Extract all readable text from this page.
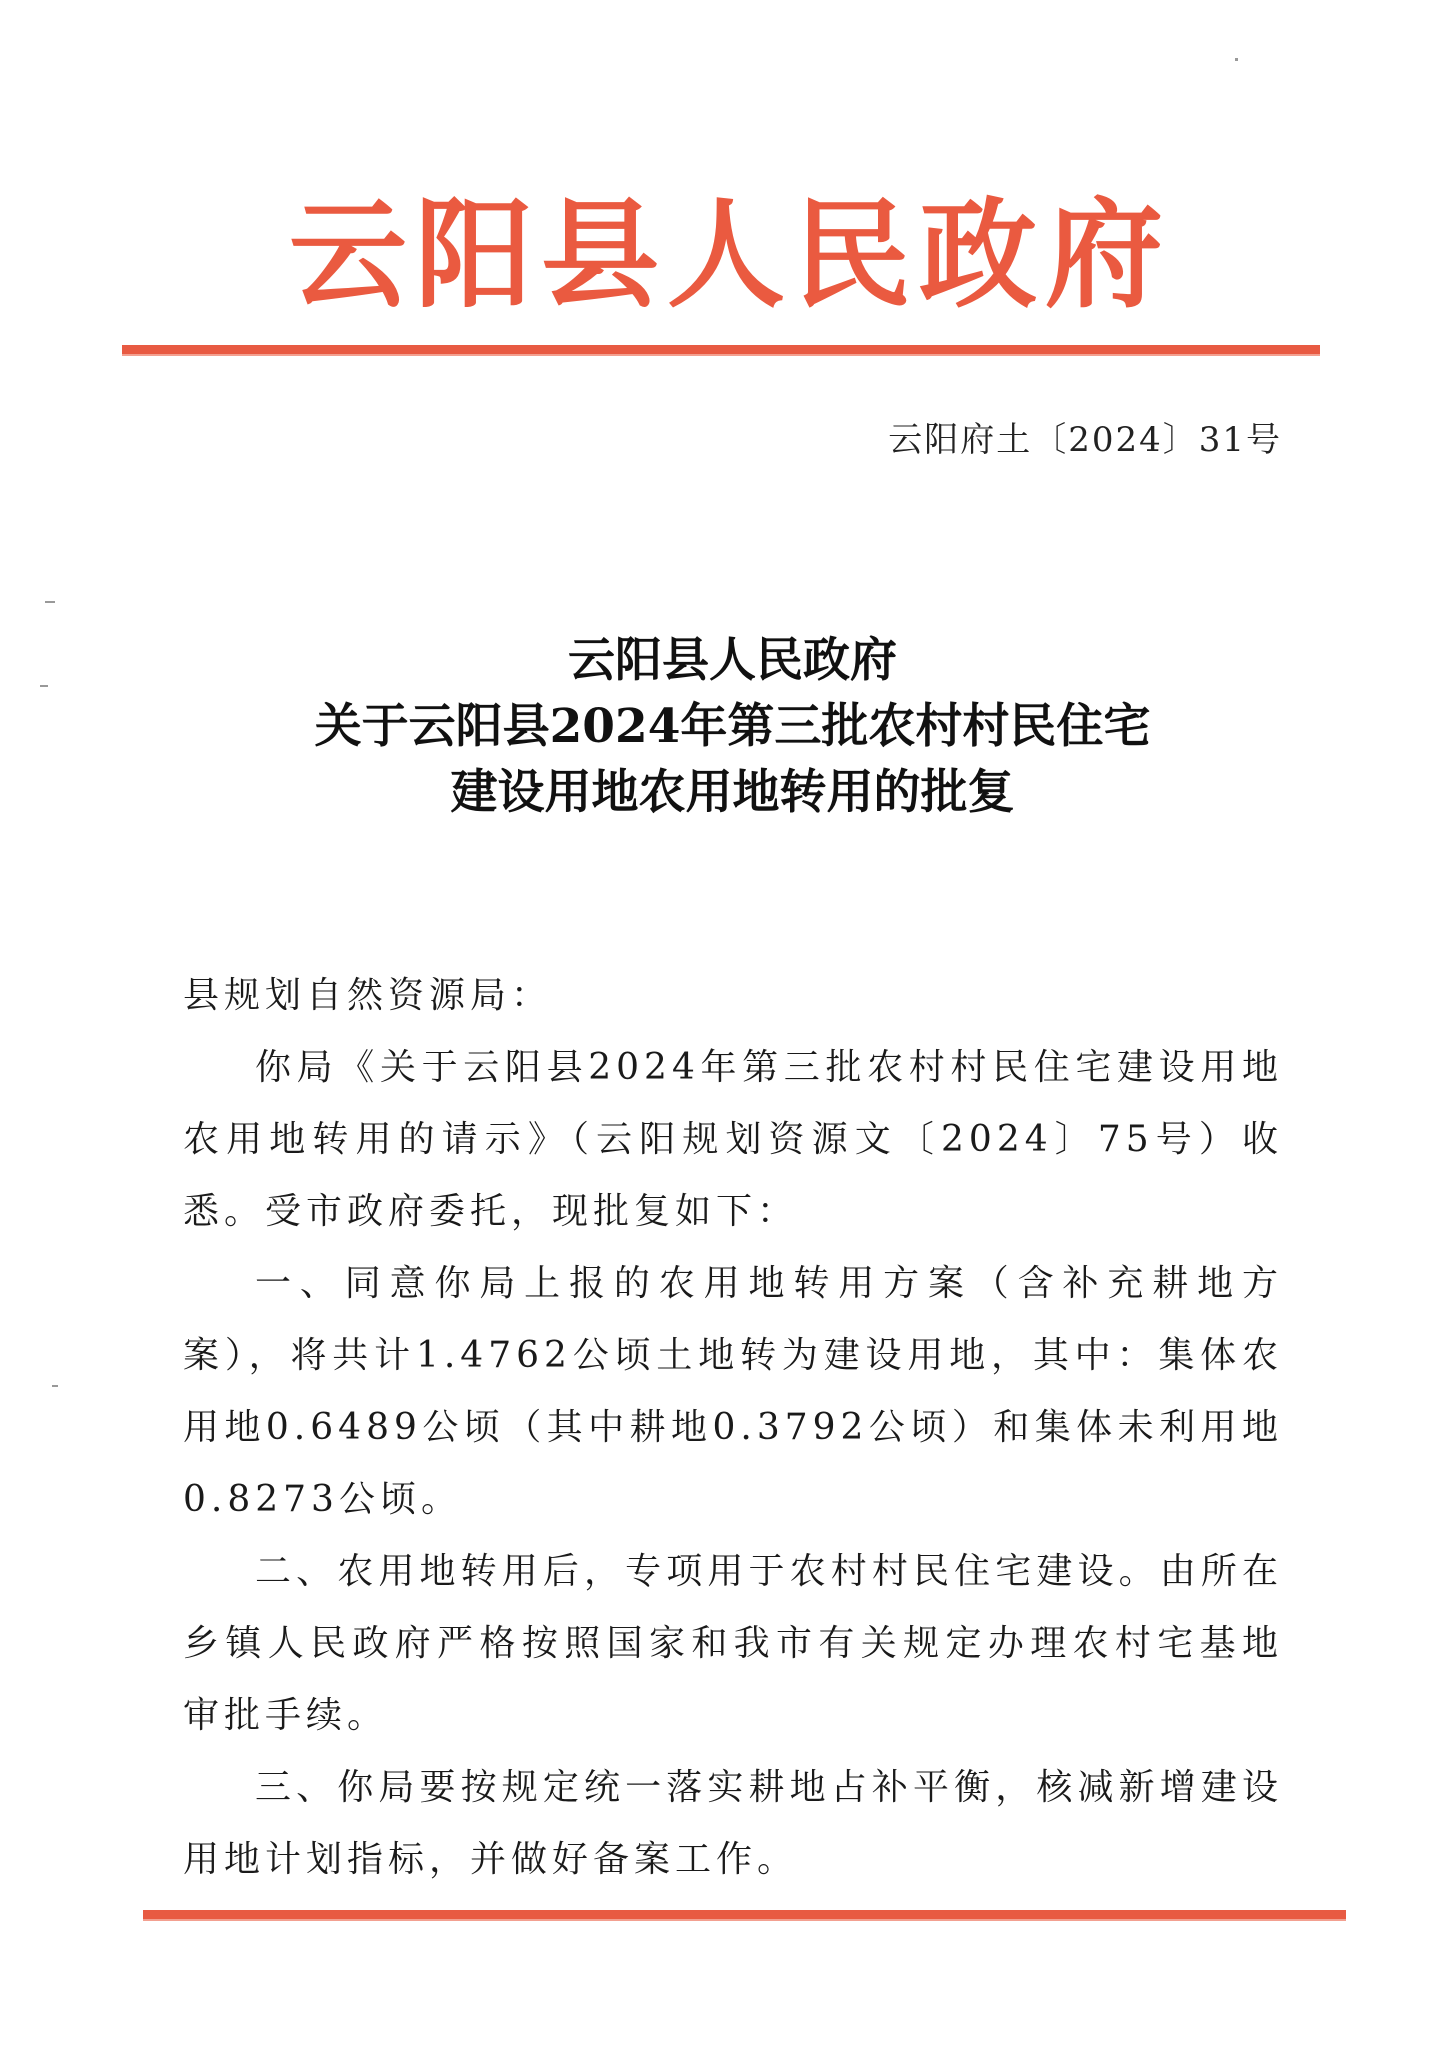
云阳县人民政府
云阳府土〔2024〕31号
云阳县人民政府
关于云阳县2024年第三批农村村民住宅
建设用地农用地转用的批复

县规划自然资源局：

你局《关于云阳县2024年第三批农村村民住宅建设用地农用地转用的请示》（云阳规划资源文〔2024〕75号）收悉。受市政府委托，现批复如下：

一、同意你局上报的农用地转用方案（含补充耕地方案），将共计1.4762公顷土地转为建设用地，其中：集体农用地0.6489公顷（其中耕地0.3792公顷）和集体未利用地0.8273公顷。

二、农用地转用后，专项用于农村村民住宅建设。由所在乡镇人民政府严格按照国家和我市有关规定办理农村宅基地审批手续。

三、你局要按规定统一落实耕地占补平衡，核减新增建设用地计划指标，并做好备案工作。
